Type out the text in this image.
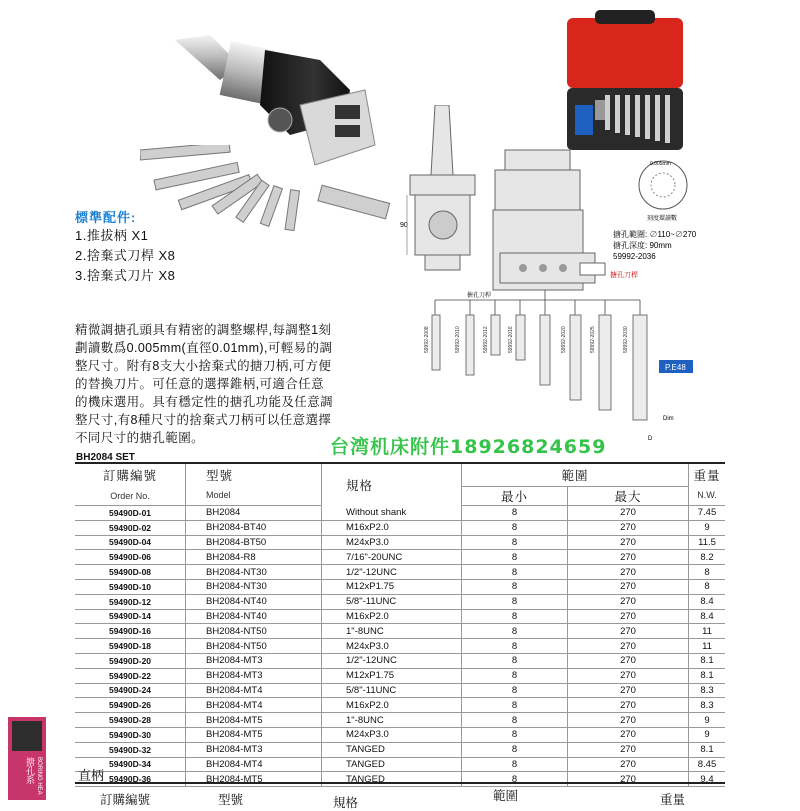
90
0.005mm
刻度環讀數
搪孔範圍: ∅110~∅270
搪孔深度: 90mm
59992-2036
搪孔刀桿
搪孔刀桿
P.E48
D
Dim
59992-2008	59992-2010	59992-2012	59992-2016	59992-2020	59992-2025	59992-2030
標準配件:
1.推拔柄 X1
2.捨棄式刀桿 X8
3.捨棄式刀片 X8
精微調搪孔頭具有精密的調整螺桿,每調整1刻
劃讀數爲0.005mm(直徑0.01mm),可輕易的調
整尺寸。附有8支大小捨棄式的搪刀柄,可方便
的替換刀片。可任意的選擇錐柄,可適合任意
的機床選用。具有穩定性的搪孔功能及任意調
整尺寸,有8種尺寸的捨棄式刀柄可以任意選擇
不同尺寸的搪孔範圍。	台湾机床附件18926824659
BH2084 SET
訂購編號	型號	規格	範圍		重量
Order No.	Model		最小	最大	N.W.
59490D-01	BH2084	Without shank	8	270	7.45
59490D-02	BH2084-BT40	M16xP2.0	8	270	9
59490D-04	BH2084-BT50	M24xP3.0	8	270	11.5
59490D-06	BH2084-R8	7/16"-20UNC	8	270	8.2
59490D-08	BH2084-NT30	1/2"-12UNC	8	270	8
59490D-10	BH2084-NT30	M12xP1.75	8	270	8
59490D-12	BH2084-NT40	5/8"-11UNC	8	270	8.4
59490D-14	BH2084-NT40	M16xP2.0	8	270	8.4
59490D-16	BH2084-NT50	1"-8UNC	8	270	11
59490D-18	BH2084-NT50	M24xP3.0	8	270	11
59490D-20	BH2084-MT3	1/2"-12UNC	8	270	8.1
59490D-22	BH2084-MT3	M12xP1.75	8	270	8.1
59490D-24	BH2084-MT4	5/8"-11UNC	8	270	8.3
59490D-26	BH2084-MT4	M16xP2.0	8	270	8.3
59490D-28	BH2084-MT5	1"-8UNC	8	270	9
59490D-30	BH2084-MT5	M24xP3.0	8	270	9
59490D-32	BH2084-MT3	TANGED	8	270	8.1
59490D-34	BH2084-MT4	TANGED	8	270	8.45
59490D-36	BH2084-MT5	TANGED	8	270	9.4
直柄
訂購編號	型號	規格	範圍	重量
搪孔系 BORING HEA
